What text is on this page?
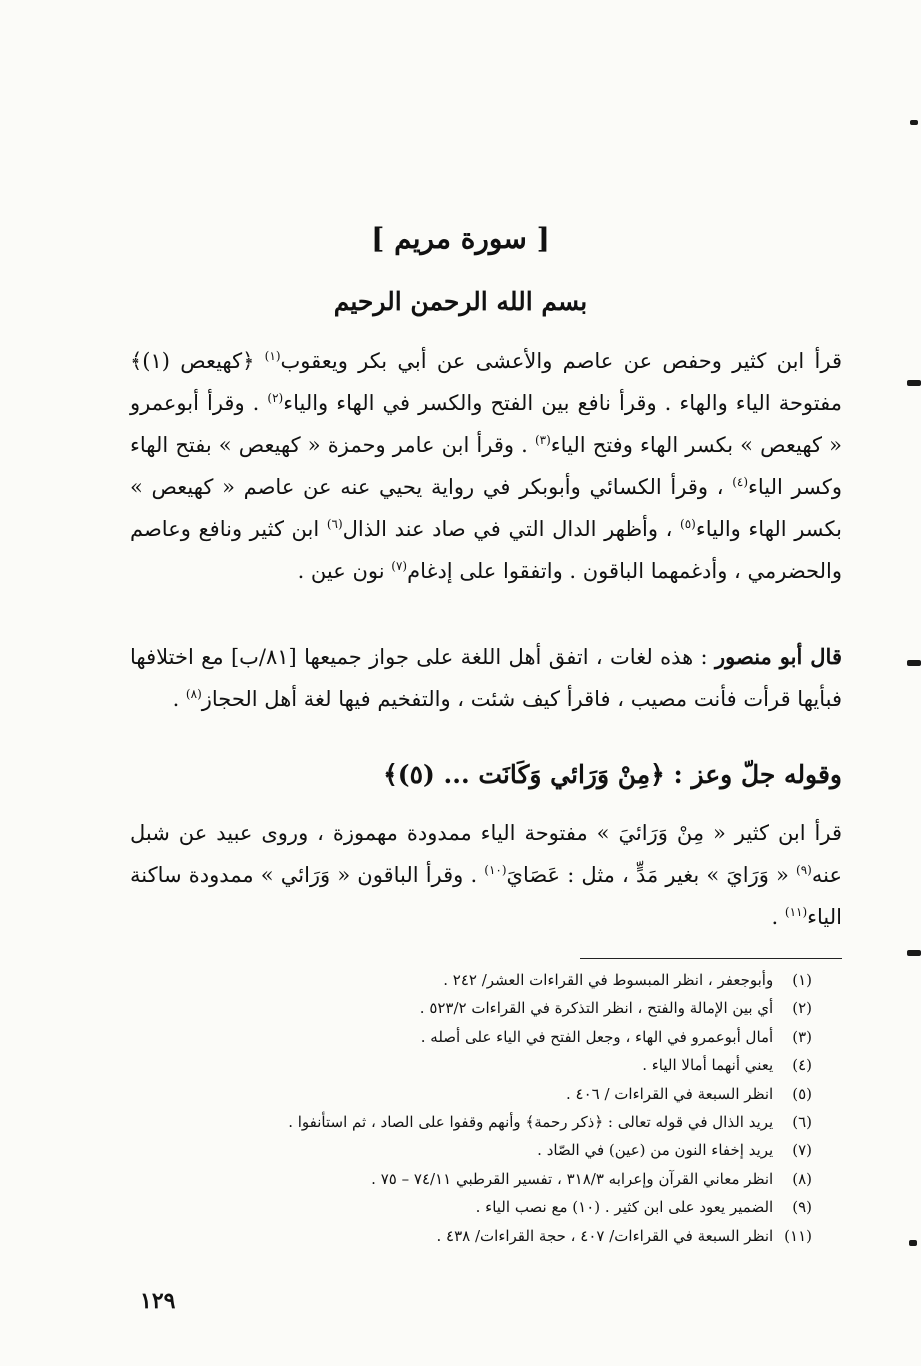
[ سورة مريم ]
بسم الله الرحمن الرحيم
قرأ ابن كثير وحفص عن عاصم والأعشى عن أبي بكر ويعقوب$^{(١)}$ ﴿كهيعص (١)﴾ مفتوحة الياء والهاء . وقرأ نافع بين الفتح والكسر في الهاء والياء$^{(٢)}$ . وقرأ أبوعمرو « كهيعص » بكسر الهاء وفتح الياء$^{(٣)}$ . وقرأ ابن عامر وحمزة « كهيعص » بفتح الهاء وكسر الياء$^{(٤)}$ ، وقرأ الكسائي وأبوبكر في رواية يحيي عنه عن عاصم « كهيعص » بكسر الهاء والياء$^{(٥)}$ ، وأظهر الدال التي في صاد عند الذال$^{(٦)}$ ابن كثير ونافع وعاصم والحضرمي ، وأدغمهما الباقون . واتفقوا على إدغام$^{(٧)}$ نون عين .
قال أبو منصور : هذه لغات ، اتفق أهل اللغة على جواز جميعها [٨١/ب] مع اختلافها فبأيها قرأت فأنت مصيب ، فاقرأ كيف شئت ، والتفخيم فيها لغة أهل الحجاز$^{(٨)}$ .
وقوله جلّ وعز : ﴿مِنْ وَرَائي وَكَانَت ... (٥)﴾
قرأ ابن كثير « مِنْ وَرَائيَ » مفتوحة الياء ممدودة مهموزة ، وروى عبيد عن شبل عنه$^{(٩)}$ « وَرَايَ » بغير مَدٍّ ، مثل : عَصَايَ$^{(١٠)}$ . وقرأ الباقون « وَرَائي » ممدودة ساكنة الياء$^{(١١)}$ .
(١) وأبوجعفر ، انظر المبسوط في القراءات العشر/ ٢٤٢ .
(٢) أي بين الإمالة والفتح ، انظر التذكرة في القراءات ٥٢٣/٢ .
(٣) أمال أبوعمرو في الهاء ، وجعل الفتح في الياء على أصله .
(٤) يعني أنهما أمالا الياء .
(٥) انظر السبعة في القراءات / ٤٠٦ .
(٦) يريد الذال في قوله تعالى : ﴿ذكر رحمة﴾ وأنهم وقفوا على الصاد ، ثم استأنفوا .
(٧) يريد إخفاء النون من (عين) في الصّاد .
(٨) انظر معاني القرآن وإعرابه ٣١٨/٣ ، تفسير القرطبي ٧٤/١١ – ٧٥ .
(٩) الضمير يعود على ابن كثير . (١٠) مع نصب الياء .
(١١) انظر السبعة في القراءات/ ٤٠٧ ، حجة القراءات/ ٤٣٨ .
١٢٩
